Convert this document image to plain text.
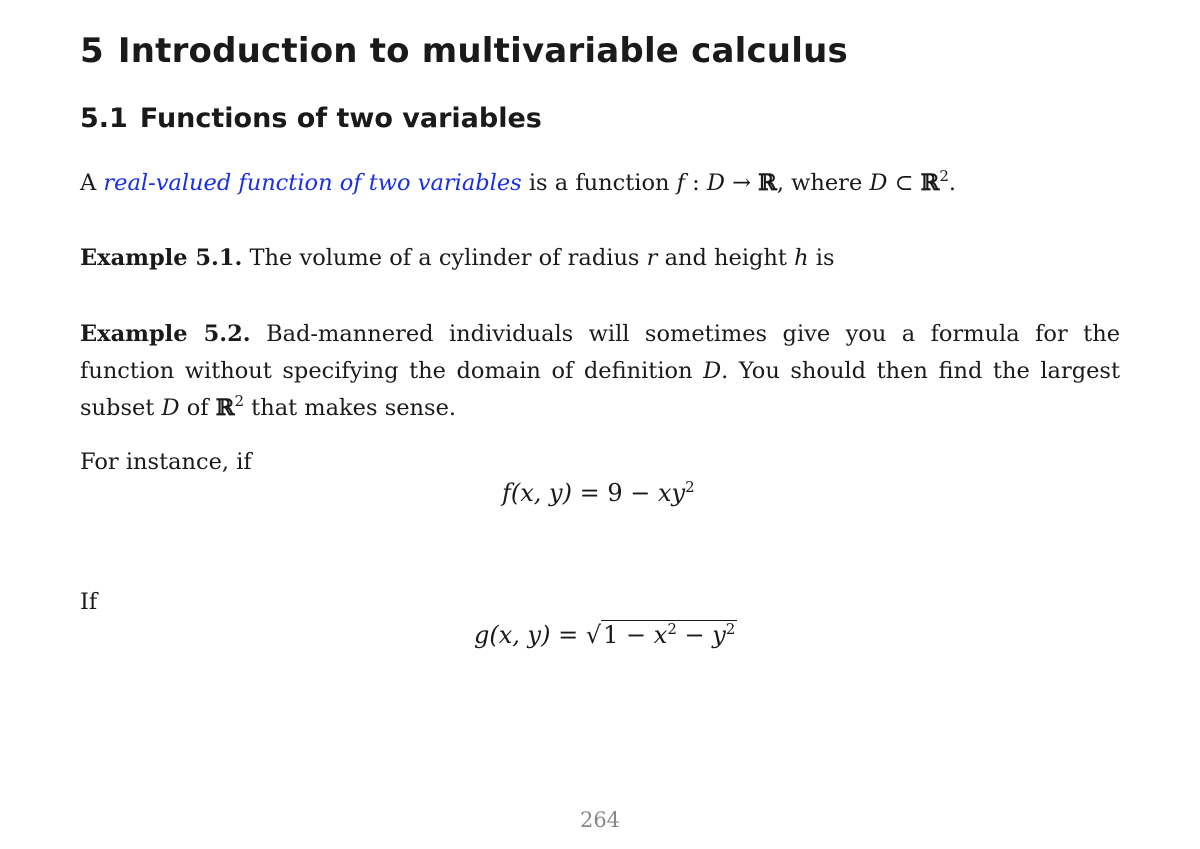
5 Introduction to multivariable calculus
5.1 Functions of two variables

A real-valued function of two variables is a function f : D → ℝ, where D ⊂ ℝ$^2$.

Example 5.1. The volume of a cylinder of radius r and height h is

Example 5.2. Bad-mannered individuals will sometimes give you a formula for the function without specifying the domain of definition D. You should then find the largest subset D of ℝ$^2$ that makes sense.

For instance, if

f(x, $y) = 9 - xy^2$

If

g(x, $y) = √1 - x^2 - y^2$

264
